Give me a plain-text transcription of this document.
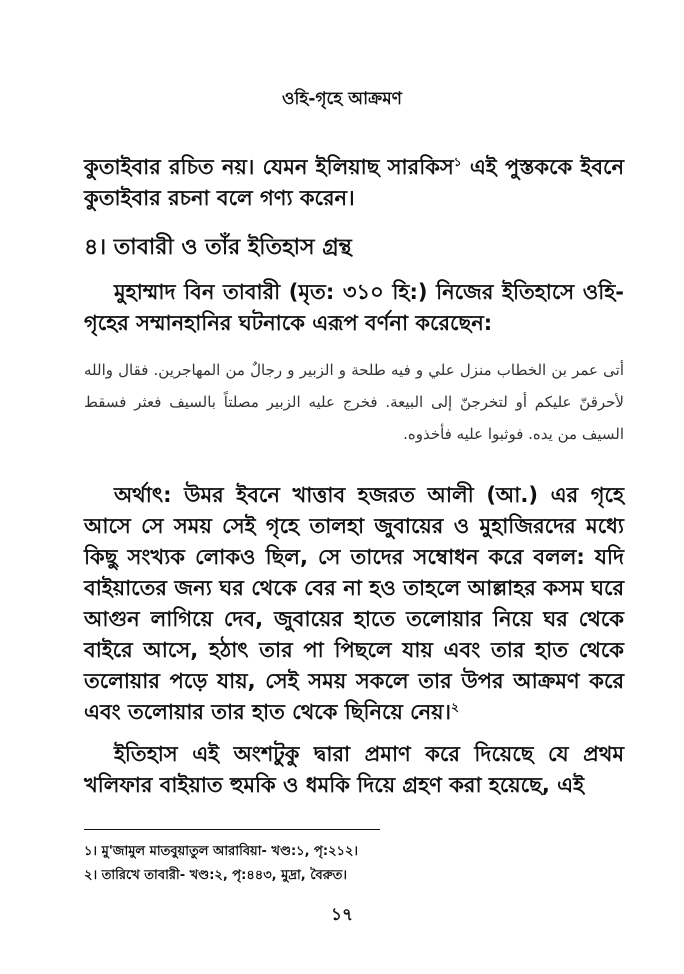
ওহি-গৃহে আক্রমণ
কুতাইবার রচিত নয়। যেমন ইলিয়াছ সারকিস$^১$ এই পুস্তককে ইবনে কুতাইবার রচনা বলে গণ্য করেন।
৪। তাবারী ও তাঁর ইতিহাস গ্রন্থ
মুহাম্মাদ বিন তাবারী (মৃত: ৩১০ হি:) নিজের ইতিহাসে ওহি-গৃহের সম্মানহানির ঘটনাকে এরূপ বর্ণনা করেছেন:
أتى عمر بن الخطاب منزل علي و فيه طلحة و الزبير و رجالٌ من المهاجرين. فقال والله لأحرقنّ عليكم أو لتخرجنّ إلى البيعة. فخرج عليه الزبير مصلتاً بالسيف فعثر فسقط السيف من يده. فوثبوا عليه فأخذوه.
অর্থাৎ: উমর ইবনে খাত্তাব হজরত আলী (আ.) এর গৃহে আসে সে সময় সেই গৃহে তালহা জুবায়ের ও মুহাজিরদের মধ্যে কিছু সংখ্যক লোকও ছিল, সে তাদের সম্বোধন করে বলল: যদি বাইয়াতের জন্য ঘর থেকে বের না হও তাহলে আল্লাহর কসম ঘরে আগুন লাগিয়ে দেব, জুবায়ের হাতে তলোয়ার নিয়ে ঘর থেকে বাইরে আসে, হঠাৎ তার পা পিছলে যায় এবং তার হাত থেকে তলোয়ার পড়ে যায়, সেই সময় সকলে তার উপর আক্রমণ করে এবং তলোয়ার তার হাত থেকে ছিনিয়ে নেয়।$^২$
ইতিহাস এই অংশটুকু দ্বারা প্রমাণ করে দিয়েছে যে প্রথম খলিফার বাইয়াত হুমকি ও ধমকি দিয়ে গ্রহণ করা হয়েছে, এই
১। মু'জামুল মাতবুয়াতুল আরাবিয়া- খণ্ড:১, পৃ:২১২।
২। তারিখে তাবারী- খণ্ড:২, পৃ:৪৪৩, মুদ্রা, বৈরুত।
১৭
